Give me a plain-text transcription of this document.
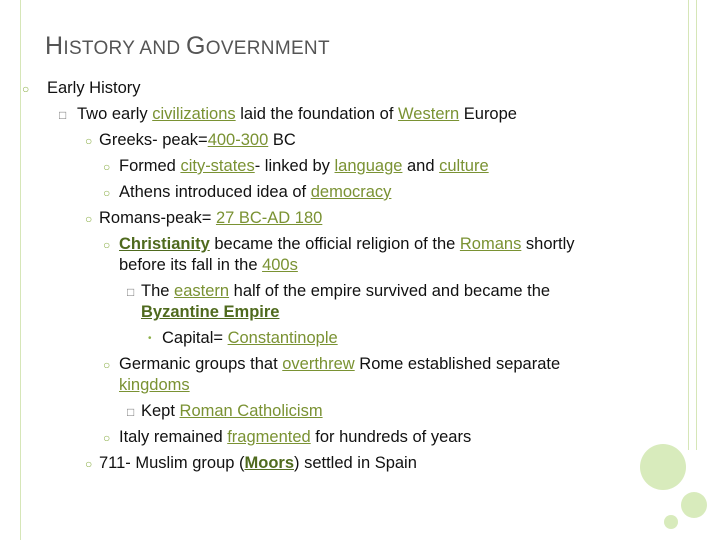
HISTORY AND GOVERNMENT
○ Early History
□ Two early civilizations laid the foundation of Western Europe
○ Greeks- peak=400-300 BC
○ Formed city-states- linked by language and culture
○ Athens introduced idea of democracy
○ Romans-peak= 27 BC-AD 180
○ Christianity became the official religion of the Romans shortly
before its fall in the 400s
□ The eastern half of the empire survived and became the
Byzantine Empire
• Capital= Constantinople
○ Germanic groups that overthrew Rome established separate
kingdoms
□ Kept Roman Catholicism
○ Italy remained fragmented for hundreds of years
○ 711- Muslim group (Moors) settled in Spain
